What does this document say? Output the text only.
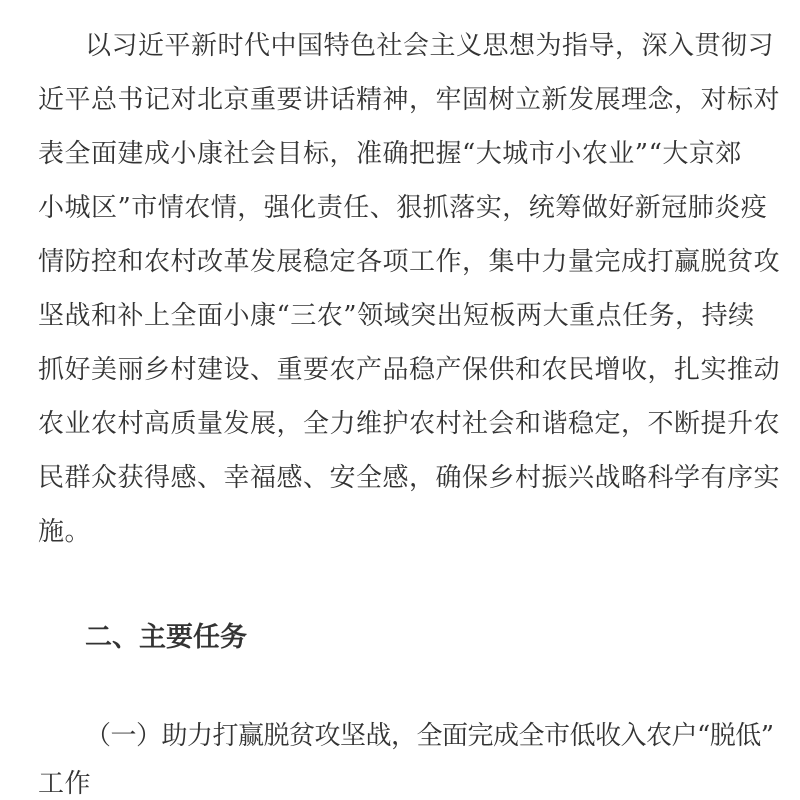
以习近平新时代中国特色社会主义思想为指导，深入贯彻习
近平总书记对北京重要讲话精神，牢固树立新发展理念，对标对
表全面建成小康社会目标，准确把握“大城市小农业”“大京郊
小城区”市情农情，强化责任、狠抓落实，统筹做好新冠肺炎疫
情防控和农村改革发展稳定各项工作，集中力量完成打赢脱贫攻
坚战和补上全面小康“三农”领域突出短板两大重点任务，持续
抓好美丽乡村建设、重要农产品稳产保供和农民增收，扎实推动
农业农村高质量发展，全力维护农村社会和谐稳定，不断提升农
民群众获得感、幸福感、安全感，确保乡村振兴战略科学有序实
施。
二、主要任务
（一）助力打赢脱贫攻坚战，全面完成全市低收入农户“脱低”
工作
